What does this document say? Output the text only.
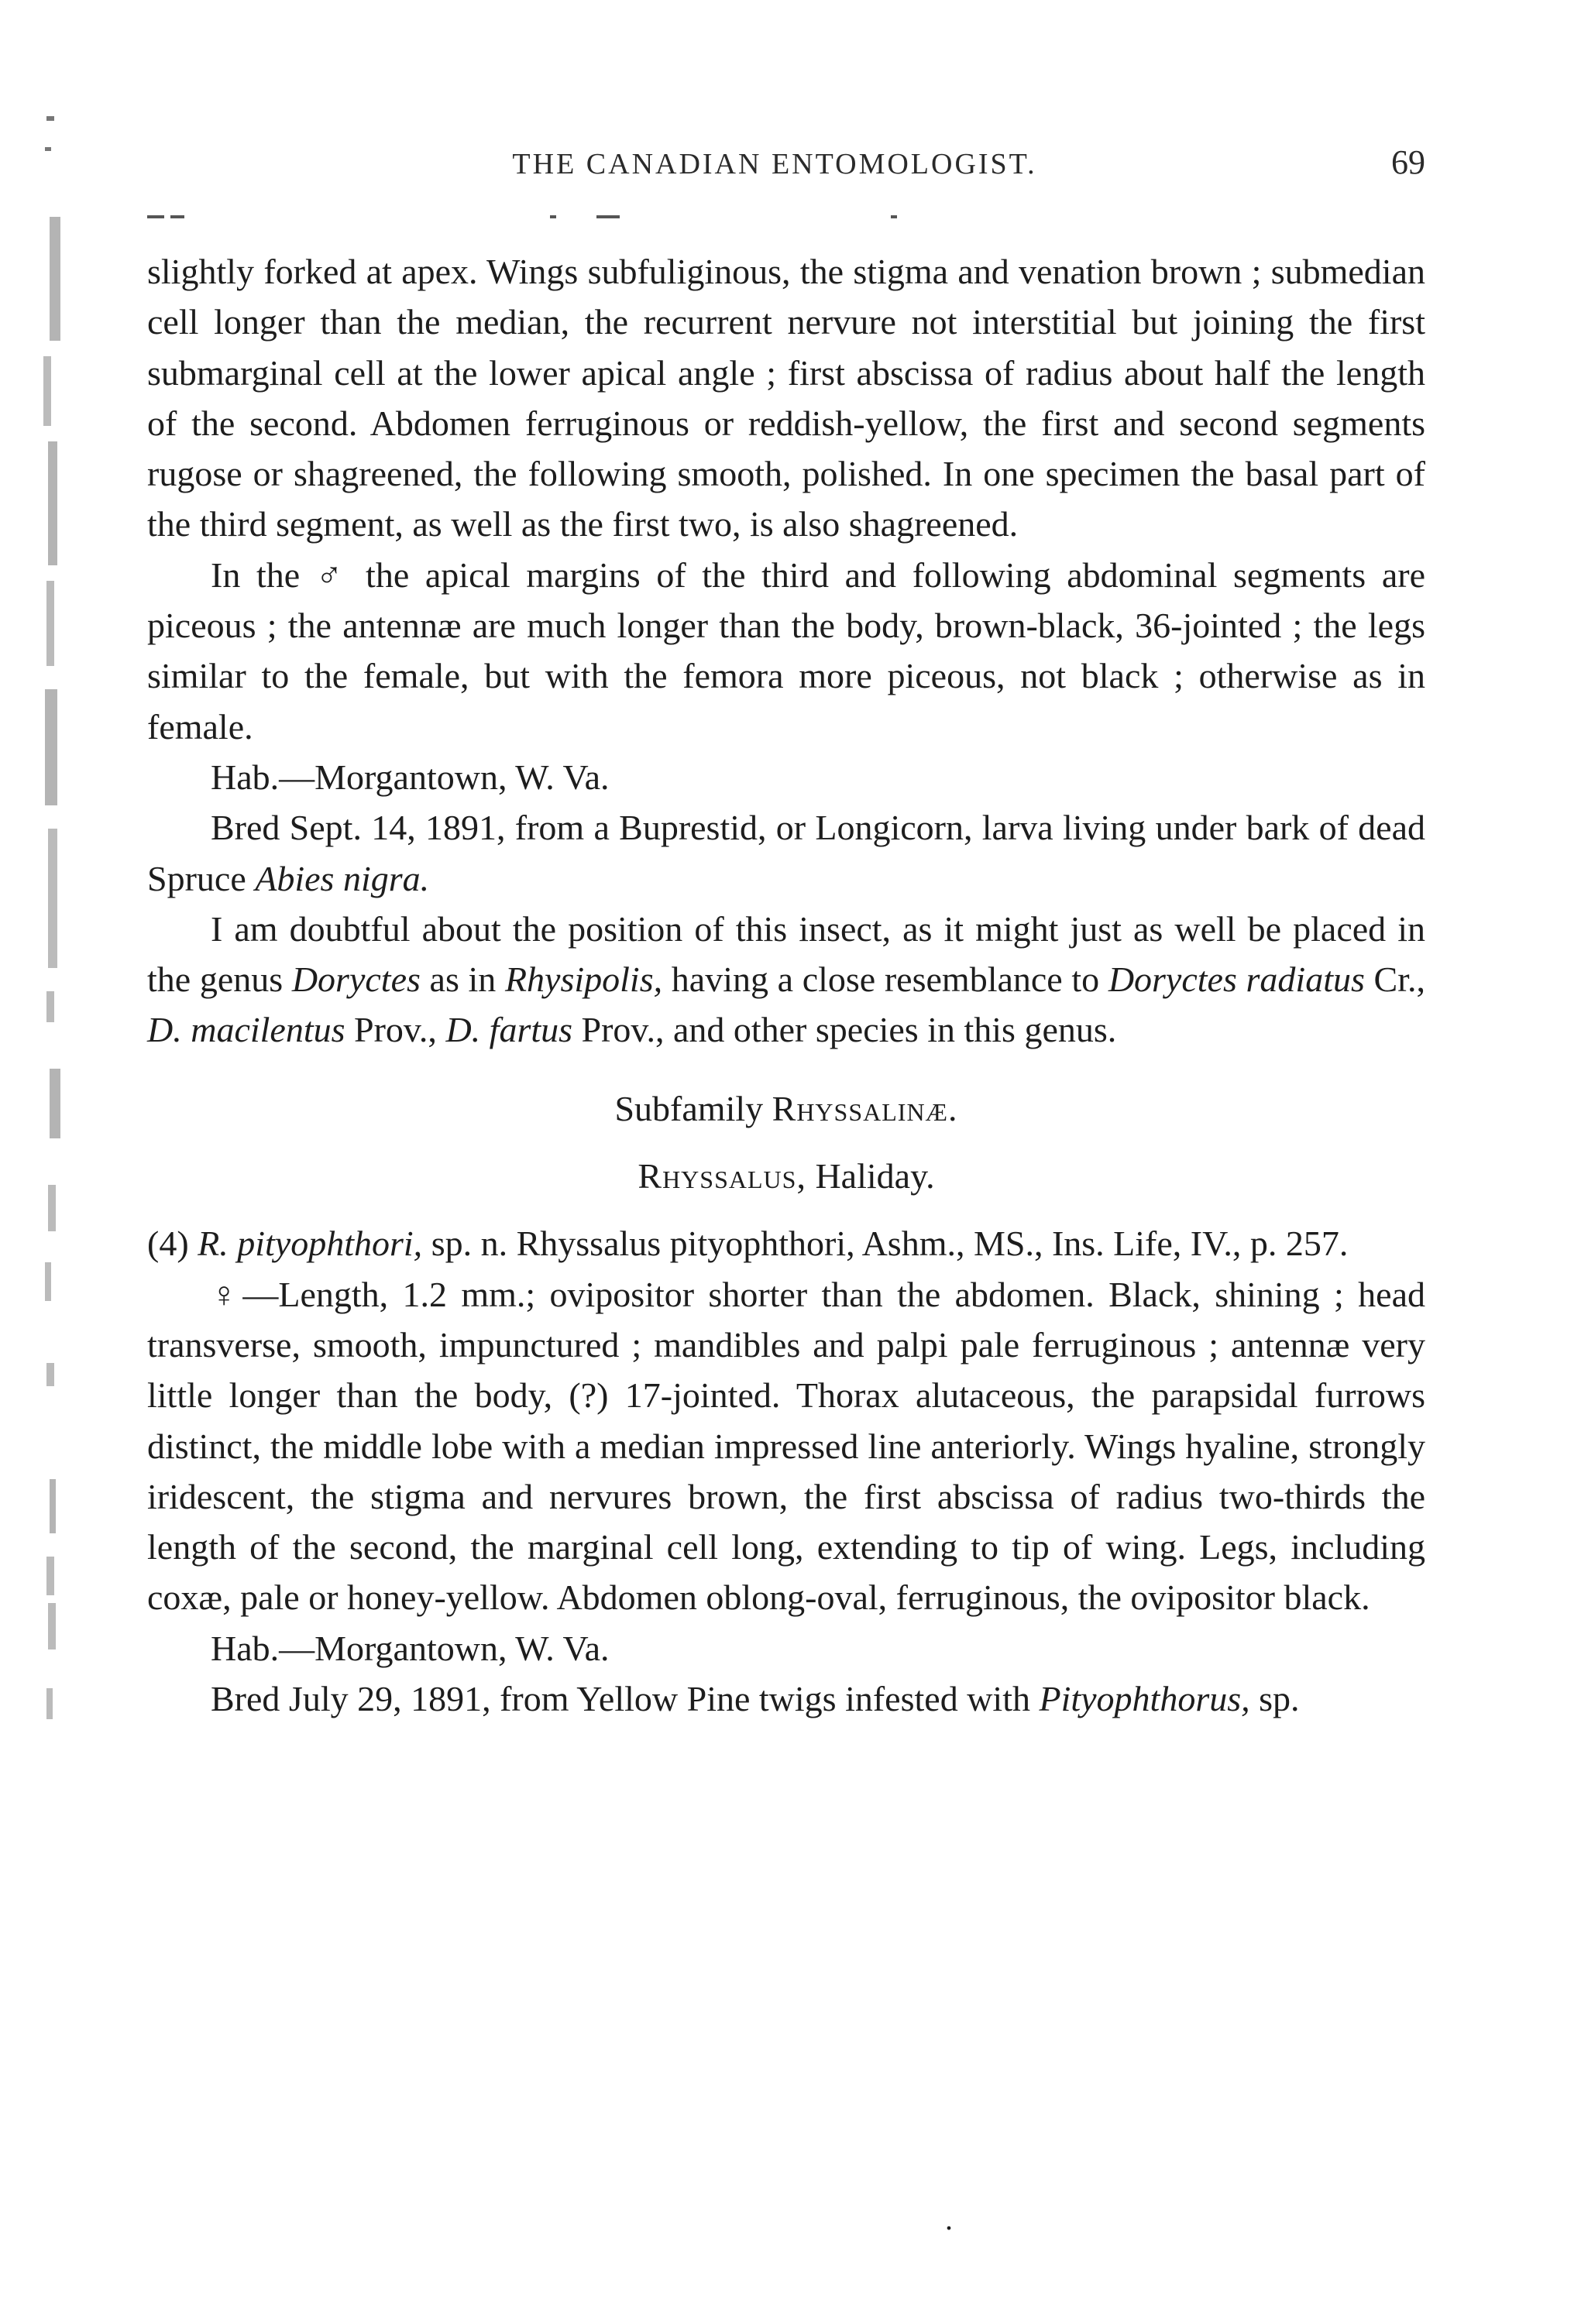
THE CANADIAN ENTOMOLOGIST.	69

slightly forked at apex. Wings subfuliginous, the stigma and venation brown ; submedian cell longer than the median, the recurrent nervure not interstitial but joining the first submarginal cell at the lower apical angle ; first abscissa of radius about half the length of the second. Abdomen ferruginous or reddish-yellow, the first and second segments rugose or shagreened, the following smooth, polished. In one specimen the basal part of the third segment, as well as the first two, is also shagreened.

In the ♂ the apical margins of the third and following abdominal segments are piceous ; the antennæ are much longer than the body, brown-black, 36-jointed ; the legs similar to the female, but with the femora more piceous, not black ; otherwise as in female.

Hab.—Morgantown, W. Va.

Bred Sept. 14, 1891, from a Buprestid, or Longicorn, larva living under bark of dead Spruce Abies nigra.

I am doubtful about the position of this insect, as it might just as well be placed in the genus Doryctes as in Rhysipolis, having a close resemblance to Doryctes radiatus Cr., D. macilentus Prov., D. fartus Prov., and other species in this genus.

Subfamily Rhyssalinæ.

Rhyssalus, Haliday.

(4) R. pityophthori, sp. n. Rhyssalus pityophthori, Ashm., MS., Ins. Life, IV., p. 257.

♀—Length, 1.2 mm.; ovipositor shorter than the abdomen. Black, shining ; head transverse, smooth, impunctured ; mandibles and palpi pale ferruginous ; antennæ very little longer than the body, (?) 17-jointed. Thorax alutaceous, the parapsidal furrows distinct, the middle lobe with a median impressed line anteriorly. Wings hyaline, strongly iridescent, the stigma and nervures brown, the first abscissa of radius two-thirds the length of the second, the marginal cell long, extending to tip of wing. Legs, including coxæ, pale or honey-yellow. Abdomen oblong-oval, ferruginous, the ovipositor black.

Hab.—Morgantown, W. Va.

Bred July 29, 1891, from Yellow Pine twigs infested with Pityophthorus, sp.

.
